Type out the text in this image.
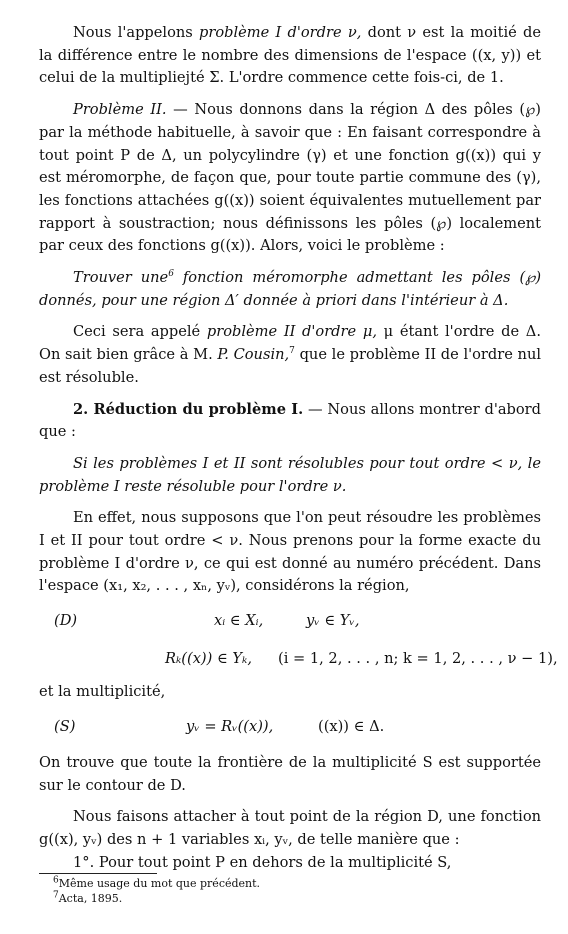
Nous l'appelons problème I d'ordre ν, dont ν est la moitié de la différence entre le nombre des dimensions de l'espace ((x, y)) et celui de la multipliejté Σ. L'ordre commence cette fois-ci, de 1.

Problème II. — Nous donnons dans la région Δ des pôles (℘) par la méthode habituelle, à savoir que : En faisant correspondre à tout point P de Δ, un polycylindre (γ) et une fonction g((x)) qui y est méromorphe, de façon que, pour toute partie commune des (γ), les fonctions attachées g((x)) soient équivalentes mutuellement par rapport à soustraction; nous définissons les pôles (℘) localement par ceux des fonctions g((x)). Alors, voici le problème :

Trouver une$^6$ fonction méromorphe admettant les pôles (℘) donnés, pour une région Δ′ donnée à priori dans l'intérieur à Δ.

Ceci sera appelé problème II d'ordre μ, μ étant l'ordre de Δ. On sait bien grâce à M. P. Cousin,$^7$ que le problème II de l'ordre nul est résoluble.

2. Réduction du problème I. — Nous allons montrer d'abord que :

Si les problèmes I et II sont résolubles pour tout ordre < ν, le problème I reste résoluble pour l'ordre ν.

En effet, nous supposons que l'on peut résoudre les problèmes I et II pour tout ordre < ν. Nous prenons pour la forme exacte du problème I d'ordre ν, ce qui est donné au numéro précédent. Dans l'espace (x₁, x₂, . . . , xₙ, yᵥ), considérons la région,

(D)	xᵢ ∈ Xᵢ,	yᵥ ∈ Yᵥ,
Rₖ((x)) ∈ Yₖ, (i = 1, 2, . . . , n; k = 1, 2, . . . , ν − 1),

et la multiplicité,

(S)	yᵥ = Rᵥ((x)),	((x)) ∈ Δ.

On trouve que toute la frontière de la multiplicité S est supportée sur le contour de D.

Nous faisons attacher à tout point de la région D, une fonction g((x), yᵥ) des n + 1 variables xᵢ, yᵥ, de telle manière que :

1°. Pour tout point P en dehors de la multiplicité S,

$^6$Même usage du mot que précédent.
$^7$Acta, 1895.
